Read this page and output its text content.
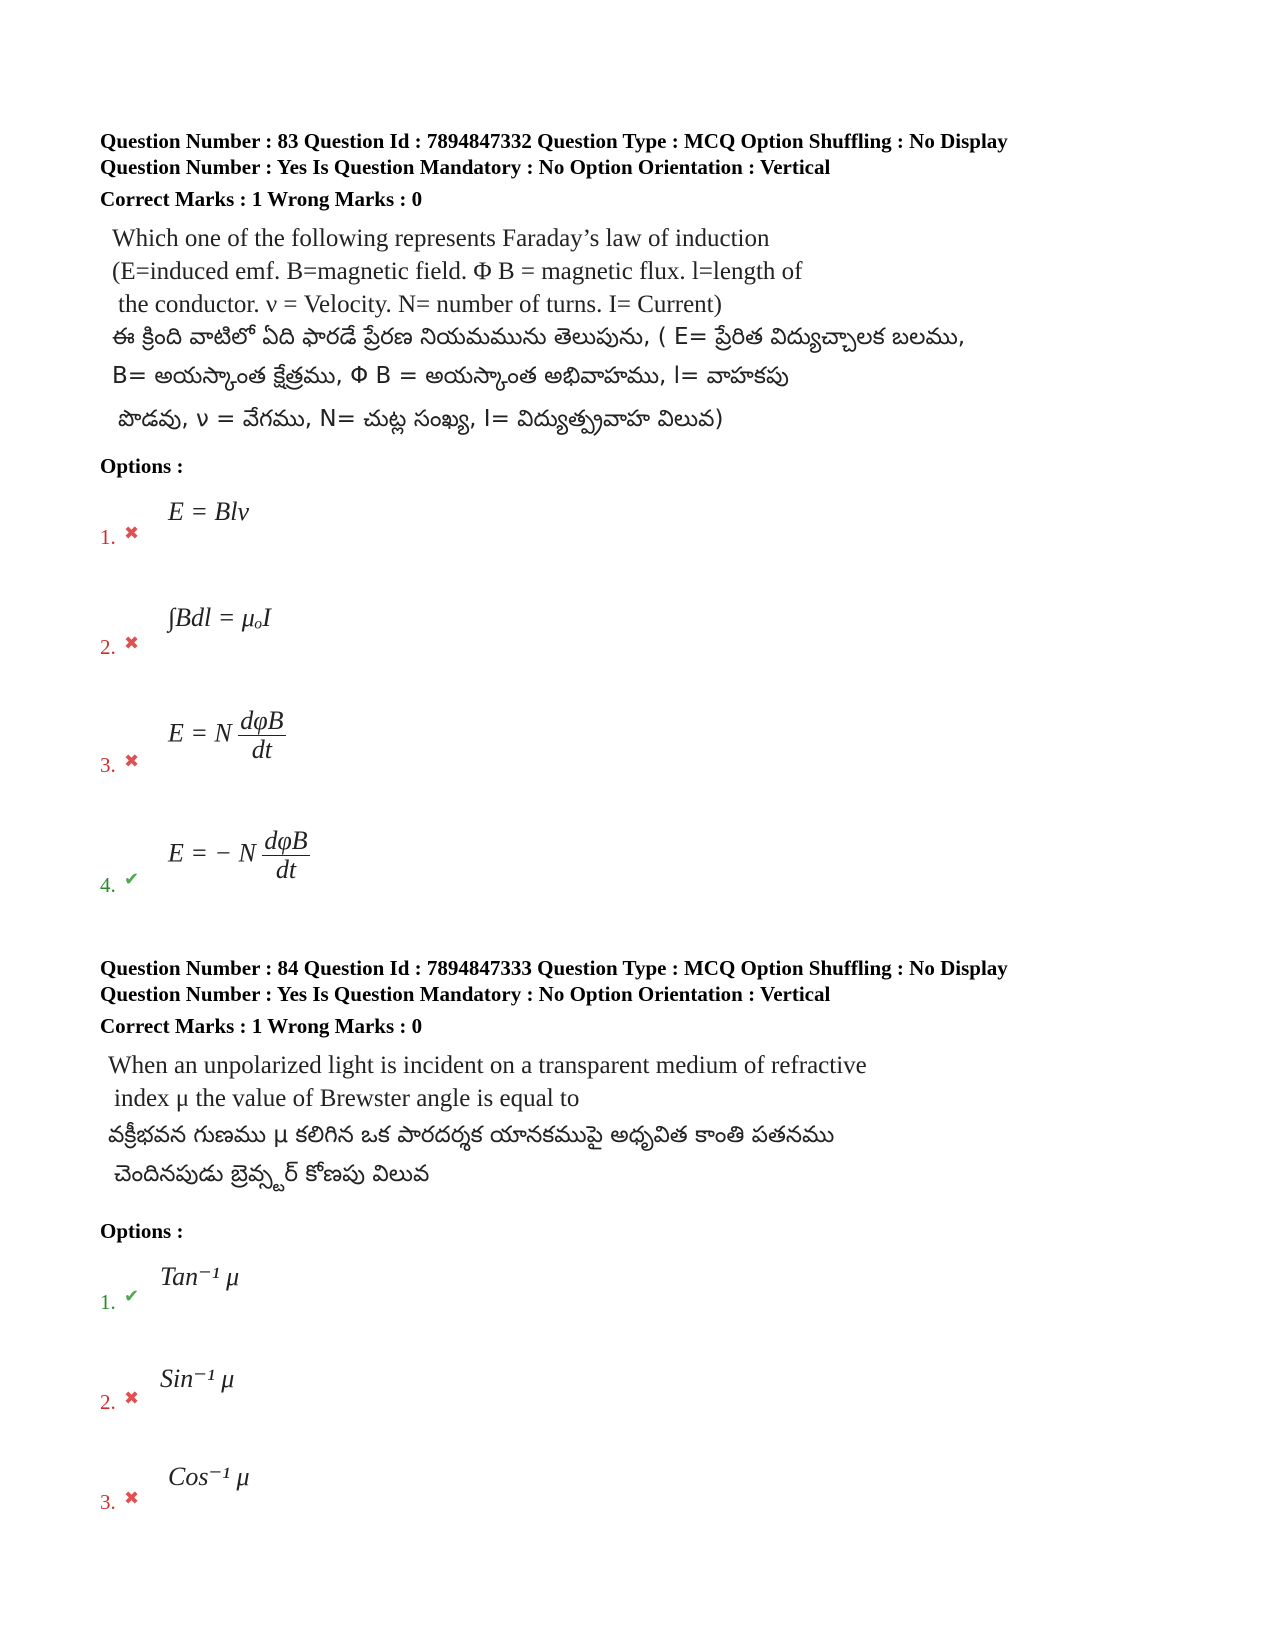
Question Number : 83 Question Id : 7894847332 Question Type : MCQ Option Shuffling : No Display
Question Number : Yes Is Question Mandatory : No Option Orientation : Vertical
Correct Marks : 1 Wrong Marks : 0
Which one of the following represents Faraday’s law of induction
(E=induced emf. B=magnetic field. Φ B = magnetic flux. l=length of
the conductor. ν = Velocity. N= number of turns. I= Current)
ఈ క్రింది వాటిలో ఏది ఫారడే ప్రేరణ నియమమును తెలుపును, ( E= ప్రేరిత విద్యుచ్చాలక బలము,
B= అయస్కాంత క్షేత్రము, Φ B = అయస్కాంత అభివాహము, l= వాహకపు
పొడవు, ν = వేగము, N= చుట్ల సంఖ్య, I= విద్యుత్ప్రవాహ విలువ)
Options :
1. ✖
E = Blν
2. ✖
∫Bdl = μₒI
3. ✖
E = N $\frac{\text{dφB}}{dt}$
4. ✔
E = − N $\frac{\text{dφB}}{dt}$
Question Number : 84 Question Id : 7894847333 Question Type : MCQ Option Shuffling : No Display
Question Number : Yes Is Question Mandatory : No Option Orientation : Vertical
Correct Marks : 1 Wrong Marks : 0
When an unpolarized light is incident on a transparent medium of refractive
index μ the value of Brewster angle is equal to
వక్రీభవన గుణము μ కలిగిన ఒక పారదర్శక యానకముపై అధృవిత కాంతి పతనము
చెందినపుడు బ్రెవ్స్టర్ కోణపు విలువ
Options :
1. ✔
Tan⁻¹ μ
2. ✖
Sin⁻¹ μ
3. ✖
Cos⁻¹ μ
